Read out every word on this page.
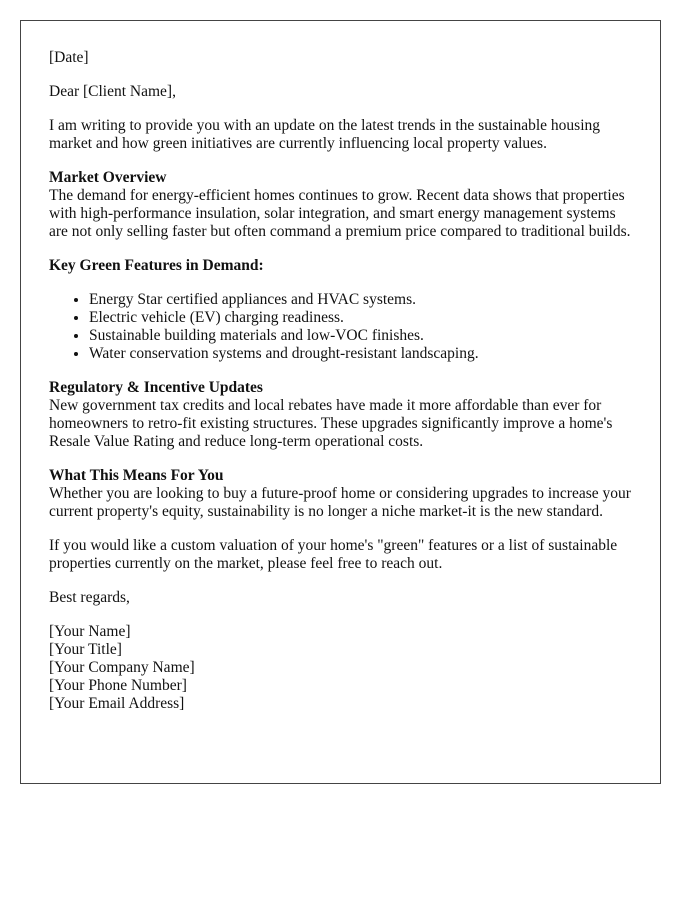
[Date]

Dear [Client Name],

I am writing to provide you with an update on the latest trends in the sustainable housing market and how green initiatives are currently influencing local property values.

Market Overview

The demand for energy-efficient homes continues to grow. Recent data shows that properties with high-performance insulation, solar integration, and smart energy management systems are not only selling faster but often command a premium price compared to traditional builds.

Key Green Features in Demand:

• Energy Star certified appliances and HVAC systems.
• Electric vehicle (EV) charging readiness.
• Sustainable building materials and low-VOC finishes.
• Water conservation systems and drought-resistant landscaping.

Regulatory & Incentive Updates

New government tax credits and local rebates have made it more affordable than ever for homeowners to retro-fit existing structures. These upgrades significantly improve a home's Resale Value Rating and reduce long-term operational costs.

What This Means For You

Whether you are looking to buy a future-proof home or considering upgrades to increase your current property's equity, sustainability is no longer a niche market-it is the new standard.

If you would like a custom valuation of your home's "green" features or a list of sustainable properties currently on the market, please feel free to reach out.

Best regards,

[Your Name]
[Your Title]
[Your Company Name]
[Your Phone Number]
[Your Email Address]
